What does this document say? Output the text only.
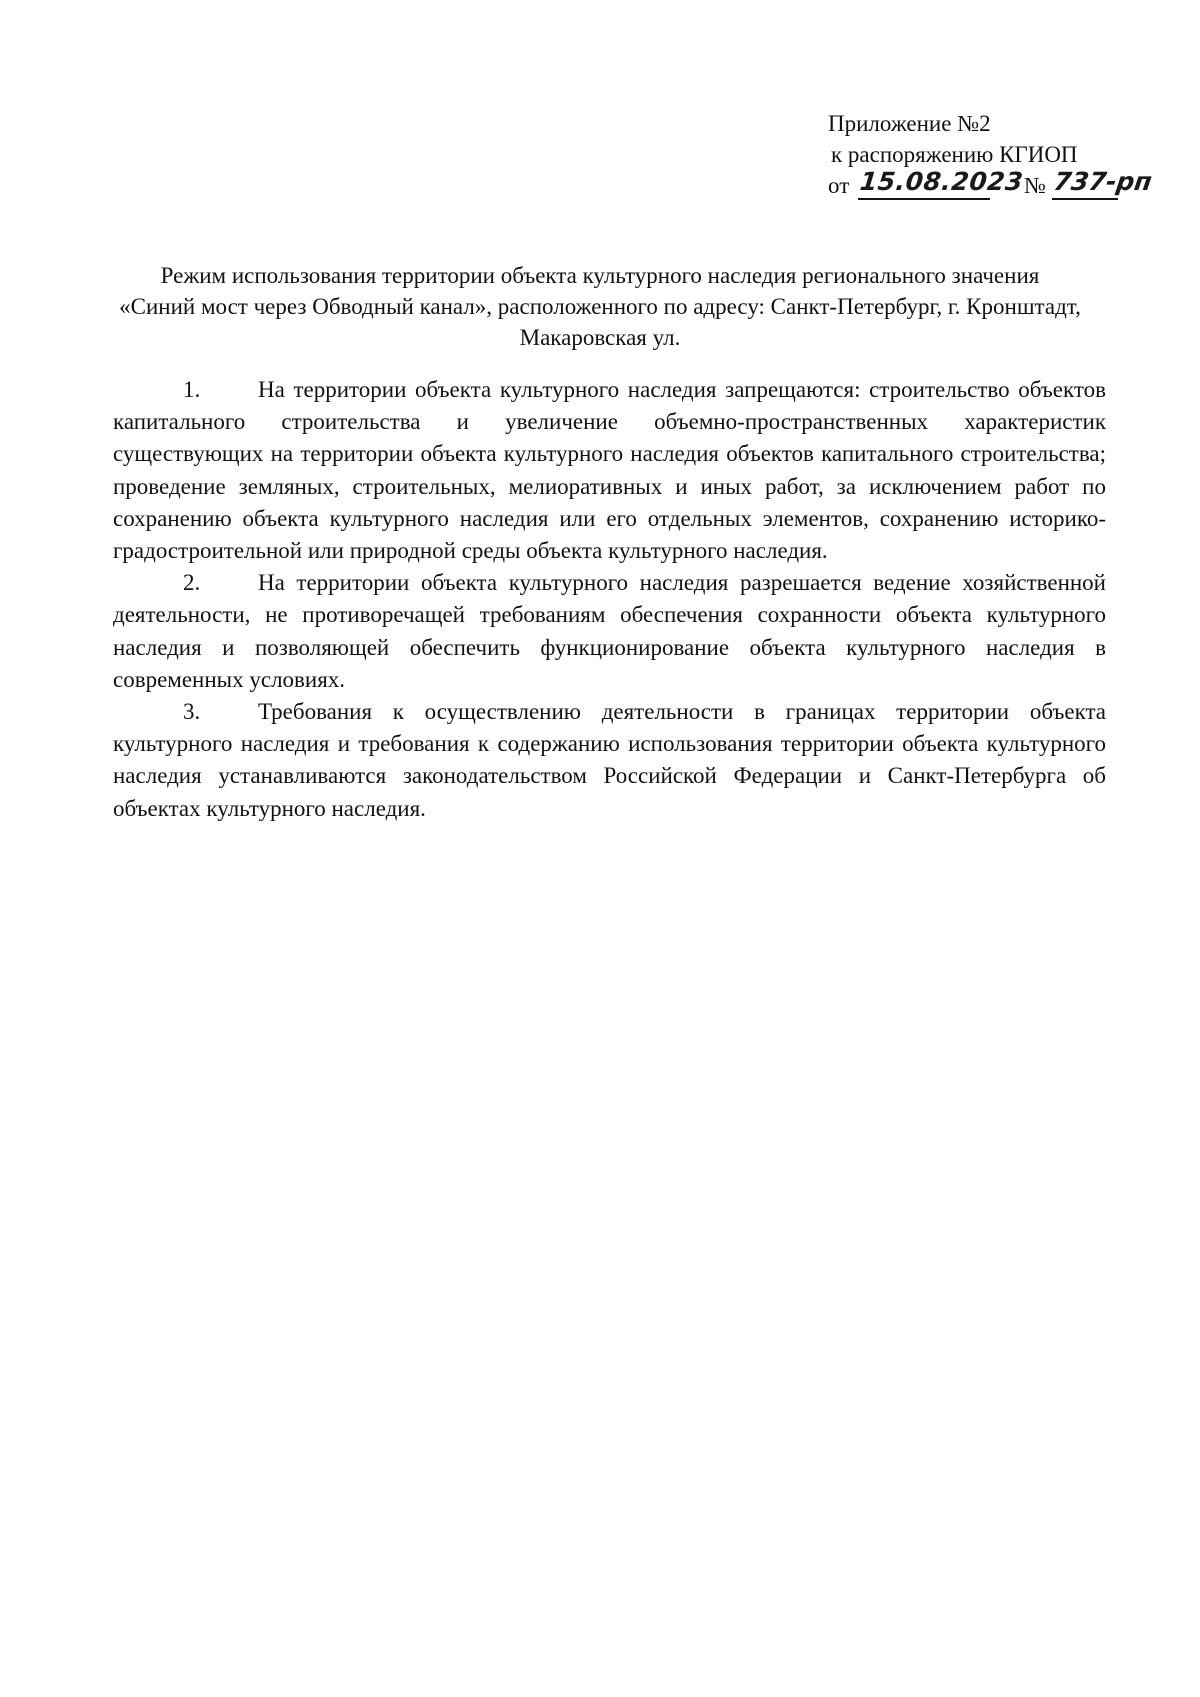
Приложение №2
к распоряжению КГИОП
от 15.08.2023 № 737-рп
Режим использования территории объекта культурного наследия регионального значения
«Синий мост через Обводный канал», расположенного по адресу: Санкт-Петербург, г. Кронштадт,
Макаровская ул.

1.	На территории объекта культурного наследия запрещаются: строительство объектов капитального строительства и увеличение объемно-пространственных характеристик существующих на территории объекта культурного наследия объектов капитального строительства; проведение земляных, строительных, мелиоративных и иных работ, за исключением работ по сохранению объекта культурного наследия или его отдельных элементов, сохранению историко-градостроительной или природной среды объекта культурного наследия.

2.	На территории объекта культурного наследия разрешается ведение хозяйственной деятельности, не противоречащей требованиям обеспечения сохранности объекта культурного наследия и позволяющей обеспечить функционирование объекта культурного наследия в современных условиях.

3.	Требования к осуществлению деятельности в границах территории объекта культурного наследия и требования к содержанию использования территории объекта культурного наследия устанавливаются законодательством Российской Федерации и Санкт-Петербурга об объектах культурного наследия.
